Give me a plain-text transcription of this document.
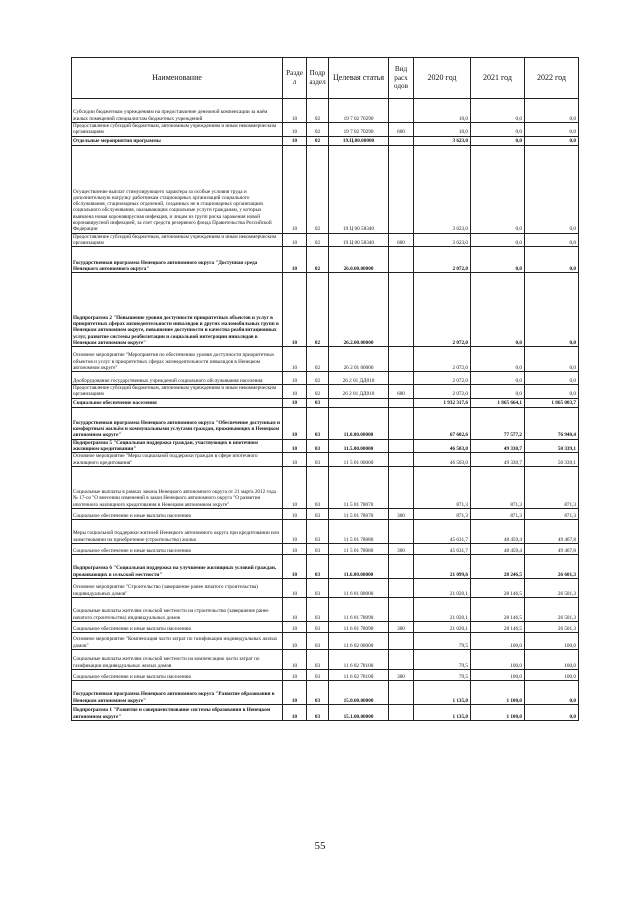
Наименование	Разде л	Подр аздел	Целевая статья	Вид расх одов	2020 год	2021 год	2022 год
Субсидии бюджетным учреждениям на предоставление денежной компенсации за наём жилых помещений специалистам бюджетных учреждений	10	02	19 7 02 70290		10,0	0,0	0,0
Предоставление субсидий бюджетным, автономным учреждениям и иным некоммерческим организациям	10	02	19 7 02 70290	600	10,0	0,0	0,0
Отдельные мероприятия программы	10	02	19.Ц.00.00000		3 623,0	0,0	0,0
Осуществление выплат стимулирующего характера за особые условия труда и дополнительную нагрузку работникам стационарных организаций социального обслуживания, стационарных отделений, созданных не в стационарных организациях социального обслуживания, оказывающим социальные услуги гражданам, у которых выявлена новая коронавирусная инфекция, и лицам из групп риска заражения новой коронавирусной инфекцией, за счет средств резервного фонда Правительства Российской Федерации	10	02	19 Ц 00 58340		3 623,0	0,0	0,0
Предоставление субсидий бюджетным, автономным учреждениям и иным некоммерческим организациям	10	02	19 Ц 00 58340	600	3 623,0	0,0	0,0
Государственная программа Ненецкого автономного округа "Доступная среда Ненецкого автономного округа"	10	02	26.0.00.00000		2 072,0	0,0	0,0
Подпрограмма 2 "Повышение уровня доступности приоритетных объектов и услуг в приоритетных сферах жизнедеятельности инвалидов и других маломобильных групп в Ненецком автономном округе, повышение доступности и качества реабилитационных услуг, развитие системы реабилитации и социальной интеграции инвалидов в Ненецком автономном округе"	10	02	26.2.00.00000		2 072,0	0,0	0,0
Основное мероприятие "Мероприятия по обеспечению уровня доступности приоритетных объектов и услуг в приоритетных сферах жизнедеятельности инвалидов в Ненецком автономном округе"	10	02	26 2 01 00000		2 072,0	0,0	0,0
Дооборудование государственных учреждений социального обслуживания населения	10	02	26 2 01 ДД010		2 072,0	0,0	0,0
Предоставление субсидий бюджетным, автономным учреждениям и иным некоммерческим организациям	10	02	26 2 01 ДД010	600	2 072,0	0,0	0,0
Социальное обеспечение населения	10	03			1 932 317,6	1 865 664,1	1 865 003,7
Государственная программа Ненецкого автономного округа "Обеспечение доступным и комфортным жильём и коммунальными услугами граждан, проживающих в Ненецком автономном округе"	10	03	11.0.00.00000		67 602,6	77 577,2	76 940,4
Подпрограмма 5 "Социальная поддержка граждан, участвующих в ипотечном жилищном кредитовании"	10	03	11.5.00.00000		46 503,0	49 330,7	50 339,1
Основное мероприятие "Меры социальной поддержки граждан в сфере ипотечного жилищного кредитования"	10	03	11 5 01 00000		46 503,0	49 330,7	50 339,1
Социальные выплаты в рамках закона Ненецкого автономного округа от 21 марта 2012 года № 17-оз "О внесении изменений в закон Ненецкого автономного округа "О развитии ипотечного жилищного кредитования в Ненецком автономном округе"	10	03	11 5 01 78070		871,3	871,3	871,3
Социальное обеспечение и иные выплаты населению	10	03	11 5 01 78070	300	871,3	871,3	871,3
Меры социальной поддержки жителей Ненецкого автономного округа при кредитовании или заимствовании на приобретение (строительство) жилья	10	03	11 5 01 78080		45 631,7	48 459,4	49 467,8
Социальное обеспечение и иные выплаты населению	10	03	11 5 01 78080	300	45 631,7	48 459,4	49 467,8
Подпрограмма 6 "Социальная поддержка на улучшение жилищных условий граждан, проживающих в сельской местности"	10	03	11.6.00.00000		21 099,6	28 246,5	26 601,3
Основное мероприятие "Строительство (завершение ранее начатого строительства) индивидуальных домов"	10	03	11 6 01 00000		21 020,1	28 146,5	26 501,3
Социальные выплаты жителям сельской местности на строительство (завершение ранее начатого строительства) индивидуальных домов	10	03	11 6 01 78090		21 020,1	28 146,5	26 501,3
Социальное обеспечение и иные выплаты населению	10	03	11 6 01 78090	300	21 020,1	28 146,5	26 501,3
Основное мероприятие "Компенсация части затрат по газификации индивидуальных жилых домов"	10	03	11 6 02 00000		79,5	100,0	100,0
Социальные выплаты жителям сельской местности на компенсацию части затрат по газификации индивидуальных жилых домов	10	03	11 6 02 78100		79,5	100,0	100,0
Социальное обеспечение и иные выплаты населению	10	03	11 6 02 78100	300	79,5	100,0	100,0
Государственная программа Ненецкого автономного округа "Развитие образования в Ненецком автономном округе"	10	03	15.0.00.00000		1 135,0	1 100,0	0,0
Подпрограмма 1 "Развитие и совершенствование системы образования в Ненецком автономном округе"	10	03	15.1.00.00000		1 135,0	1 100,0	0,0
55
